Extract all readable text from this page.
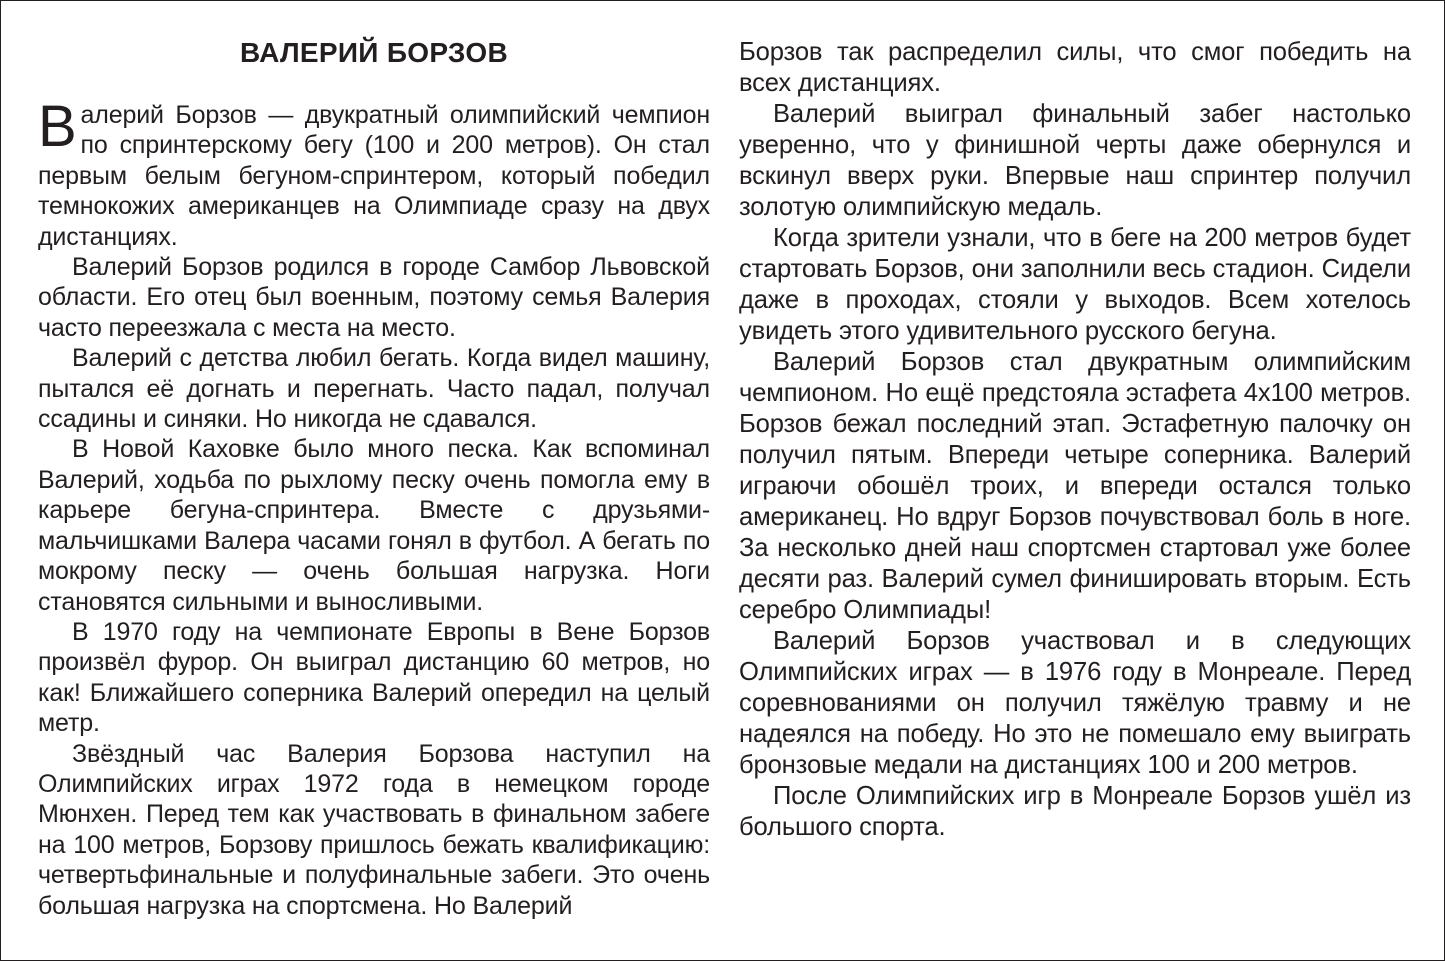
ВАЛЕРИЙ БОРЗОВ

Валерий Борзов — двукратный олимпийский чемпион по спринтерскому бегу (100 и 200 метров). Он стал первым белым бегуном-спринтером, который победил темнокожих американцев на Олимпиаде сразу на двух дистанциях.

Валерий Борзов родился в городе Самбор Львовской области. Его отец был военным, поэтому семья Валерия часто переезжала с места на место.

Валерий с детства любил бегать. Когда видел машину, пытался её догнать и перегнать. Часто падал, получал ссадины и синяки. Но никогда не сдавался.

В Новой Каховке было много песка. Как вспоминал Валерий, ходьба по рыхлому песку очень помогла ему в карьере бегуна-спринтера. Вместе с друзьями-мальчишками Валера часами гонял в футбол. А бегать по мокрому песку — очень большая нагрузка. Ноги становятся сильными и выносливыми.

В 1970 году на чемпионате Европы в Вене Борзов произвёл фурор. Он выиграл дистанцию 60 метров, но как! Ближайшего соперника Валерий опередил на целый метр.

Звёздный час Валерия Борзова наступил на Олимпийских играх 1972 года в немецком городе Мюнхен. Перед тем как участвовать в финальном забеге на 100 метров, Борзову пришлось бежать квалификацию: четвертьфинальные и полуфинальные забеги. Это очень большая нагрузка на спортсмена. Но Валерий

Борзов так распределил силы, что смог победить на всех дистанциях.

Валерий выиграл финальный забег настолько уверенно, что у финишной черты даже обернулся и вскинул вверх руки. Впервые наш спринтер получил золотую олимпийскую медаль.

Когда зрители узнали, что в беге на 200 метров будет стартовать Борзов, они заполнили весь стадион. Сидели даже в проходах, стояли у выходов. Всем хотелось увидеть этого удивительного русского бегуна.

Валерий Борзов стал двукратным олимпийским чемпионом. Но ещё предстояла эстафета 4х100 метров. Борзов бежал последний этап. Эстафетную палочку он получил пятым. Впереди четыре соперника. Валерий играючи обошёл троих, и впереди остался только американец. Но вдруг Борзов почувствовал боль в ноге. За несколько дней наш спортсмен стартовал уже более десяти раз. Валерий сумел финишировать вторым. Есть серебро Олимпиады!

Валерий Борзов участвовал и в следующих Олимпийских играх — в 1976 году в Монреале. Перед соревнованиями он получил тяжёлую травму и не надеялся на победу. Но это не помешало ему выиграть бронзовые медали на дистанциях 100 и 200 метров.

После Олимпийских игр в Монреале Борзов ушёл из большого спорта.
